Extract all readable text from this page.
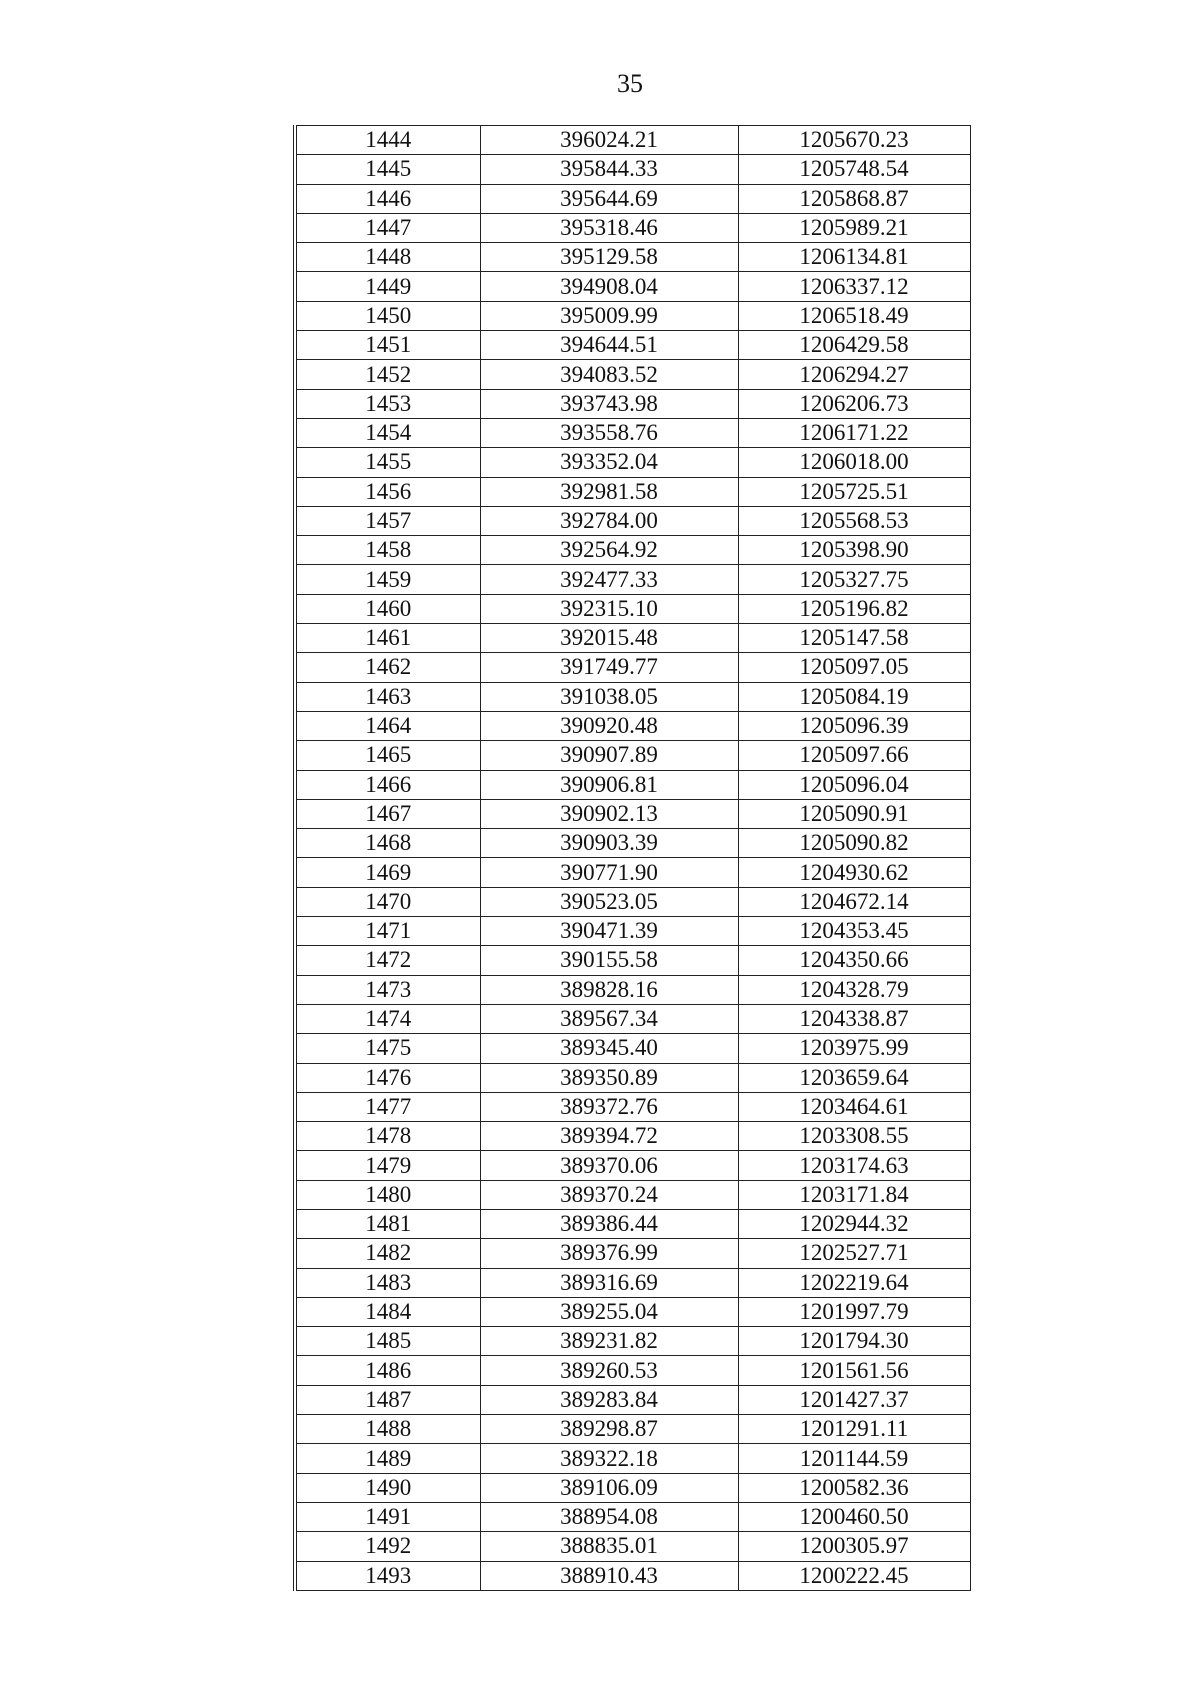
35
1444	396024.21	1205670.23
1445	395844.33	1205748.54
1446	395644.69	1205868.87
1447	395318.46	1205989.21
1448	395129.58	1206134.81
1449	394908.04	1206337.12
1450	395009.99	1206518.49
1451	394644.51	1206429.58
1452	394083.52	1206294.27
1453	393743.98	1206206.73
1454	393558.76	1206171.22
1455	393352.04	1206018.00
1456	392981.58	1205725.51
1457	392784.00	1205568.53
1458	392564.92	1205398.90
1459	392477.33	1205327.75
1460	392315.10	1205196.82
1461	392015.48	1205147.58
1462	391749.77	1205097.05
1463	391038.05	1205084.19
1464	390920.48	1205096.39
1465	390907.89	1205097.66
1466	390906.81	1205096.04
1467	390902.13	1205090.91
1468	390903.39	1205090.82
1469	390771.90	1204930.62
1470	390523.05	1204672.14
1471	390471.39	1204353.45
1472	390155.58	1204350.66
1473	389828.16	1204328.79
1474	389567.34	1204338.87
1475	389345.40	1203975.99
1476	389350.89	1203659.64
1477	389372.76	1203464.61
1478	389394.72	1203308.55
1479	389370.06	1203174.63
1480	389370.24	1203171.84
1481	389386.44	1202944.32
1482	389376.99	1202527.71
1483	389316.69	1202219.64
1484	389255.04	1201997.79
1485	389231.82	1201794.30
1486	389260.53	1201561.56
1487	389283.84	1201427.37
1488	389298.87	1201291.11
1489	389322.18	1201144.59
1490	389106.09	1200582.36
1491	388954.08	1200460.50
1492	388835.01	1200305.97
1493	388910.43	1200222.45
